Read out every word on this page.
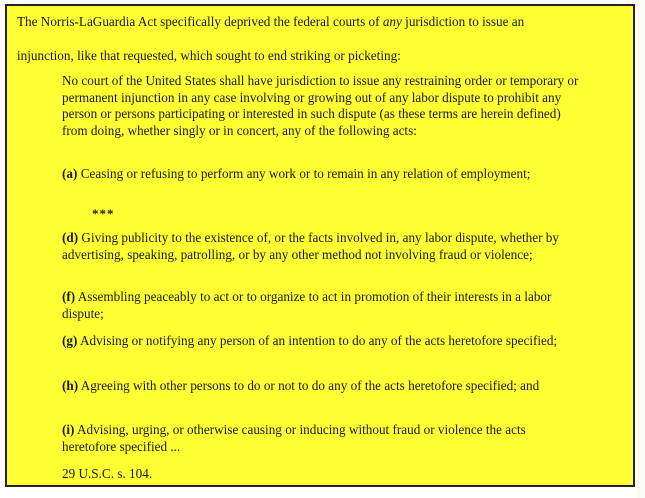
The Norris-LaGuardia Act specifically deprived the federal courts of any jurisdiction to issue an
injunction, like that requested, which sought to end striking or picketing:
No court of the United States shall have jurisdiction to issue any restraining order or temporary or permanent injunction in any case involving or growing out of any labor dispute to prohibit any person or persons participating or interested in such dispute (as these terms are herein defined) from doing, whether singly or in concert, any of the following acts:
(a) Ceasing or refusing to perform any work or to remain in any relation of employment;
***
(d) Giving publicity to the existence of, or the facts involved in, any labor dispute, whether by advertising, speaking, patrolling, or by any other method not involving fraud or violence;
(f) Assembling peaceably to act or to organize to act in promotion of their interests in a labor dispute;
(g) Advising or notifying any person of an intention to do any of the acts heretofore specified;
(h) Agreeing with other persons to do or not to do any of the acts heretofore specified; and
(i) Advising, urging, or otherwise causing or inducing without fraud or violence the acts heretofore specified ...
29 U.S.C. s. 104.
